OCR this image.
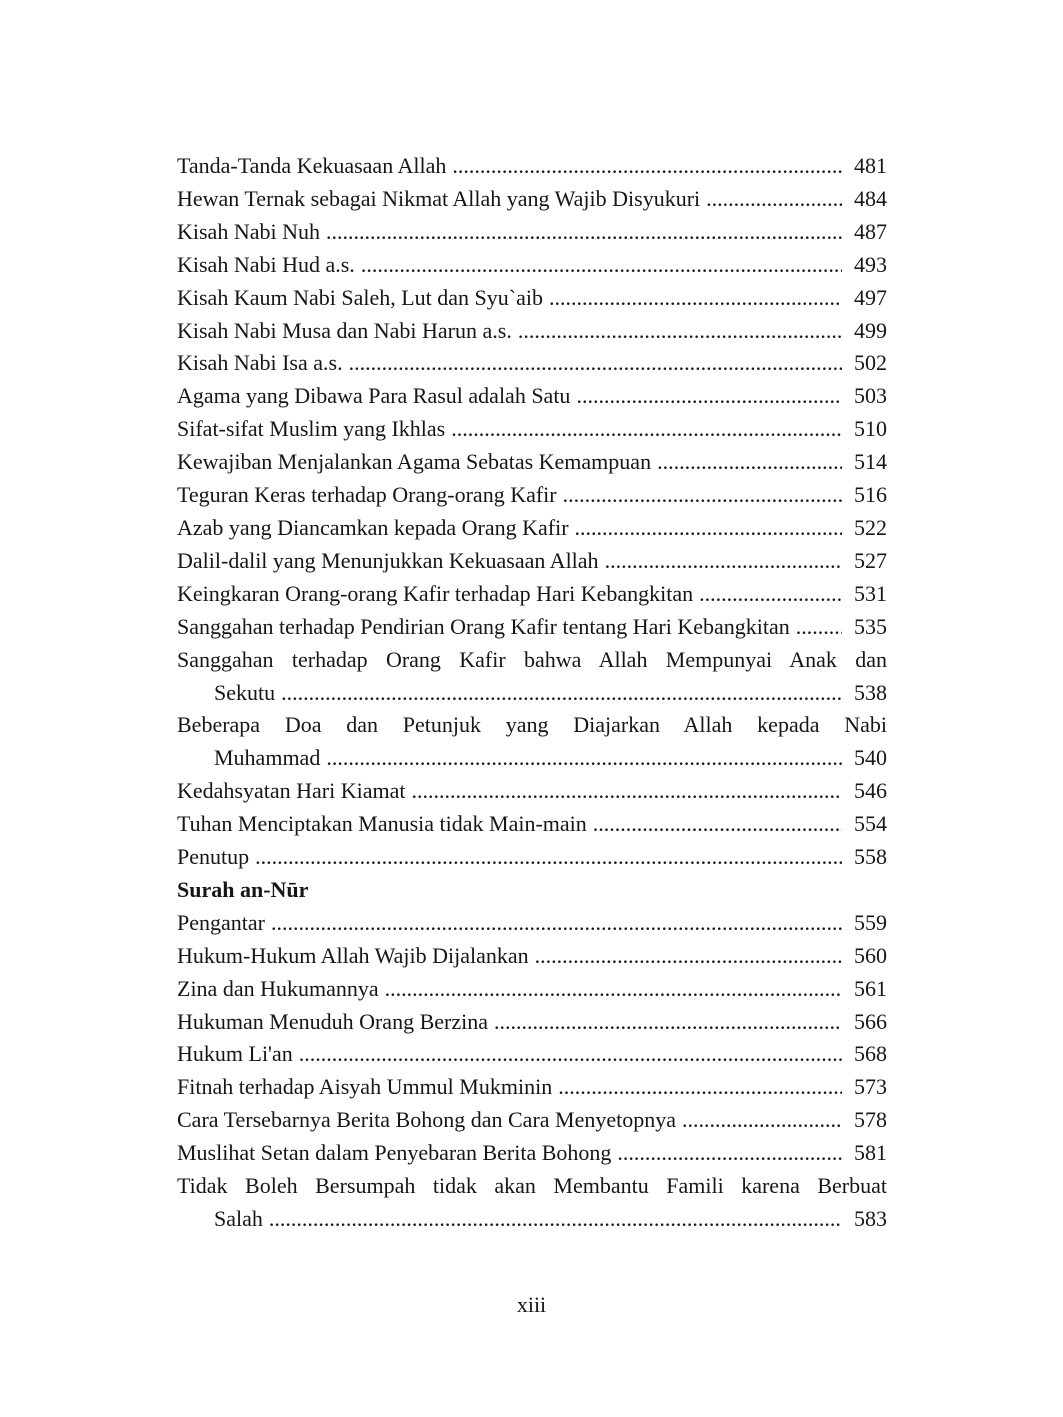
Tanda-Tanda Kekuasaan Allah .....	481
Hewan Ternak sebagai Nikmat Allah yang Wajib Disyukuri .....	484
Kisah Nabi Nuh .....	487
Kisah Nabi Hud a.s. .....	493
Kisah Kaum Nabi Saleh, Lut dan Syu`aib .....	497
Kisah Nabi Musa dan Nabi Harun a.s. .....	499
Kisah Nabi Isa a.s. .....	502
Agama yang Dibawa Para Rasul adalah Satu .....	503
Sifat-sifat Muslim yang Ikhlas .....	510
Kewajiban Menjalankan Agama Sebatas Kemampuan .....	514
Teguran Keras terhadap Orang-orang Kafir .....	516
Azab yang Diancamkan kepada Orang Kafir .....	522
Dalil-dalil yang Menunjukkan Kekuasaan Allah .....	527
Keingkaran Orang-orang Kafir terhadap Hari Kebangkitan .....	531
Sanggahan terhadap Pendirian Orang Kafir tentang Hari Kebangkitan .....	535
Sanggahan terhadap Orang Kafir bahwa Allah Mempunyai Anak dan
Sekutu .....	538
Beberapa Doa dan Petunjuk yang Diajarkan Allah kepada Nabi
Muhammad .....	540
Kedahsyatan Hari Kiamat .....	546
Tuhan Menciptakan Manusia tidak Main-main .....	554
Penutup .....	558
Surah an-Nūr
Pengantar .....	559
Hukum-Hukum Allah Wajib Dijalankan .....	560
Zina dan Hukumannya .....	561
Hukuman Menuduh Orang Berzina .....	566
Hukum Li'an .....	568
Fitnah terhadap Aisyah Ummul Mukminin .....	573
Cara Tersebarnya Berita Bohong dan Cara Menyetopnya .....	578
Muslihat Setan dalam Penyebaran Berita Bohong .....	581
Tidak Boleh Bersumpah tidak akan Membantu Famili karena Berbuat
Salah .....	583
xiii
